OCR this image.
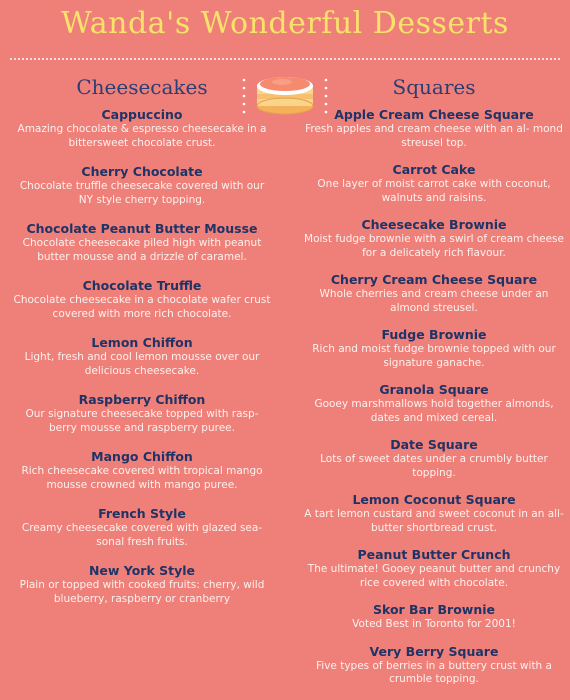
Wanda's Wonderful Desserts
Cheesecakes
Cappuccino
Amazing chocolate & espresso cheesecake in a bittersweet chocolate crust.
Cherry Chocolate
Chocolate truffle cheesecake covered with our NY style cherry topping.
Chocolate Peanut Butter Mousse
Chocolate cheesecake piled high with peanut butter mousse and a drizzle of caramel.
Chocolate Truffle
Chocolate cheesecake in a chocolate wafer crust covered with more rich chocolate.
Lemon Chiffon
Light, fresh and cool lemon mousse over our delicious cheesecake.
Raspberry Chiffon
Our signature cheesecake topped with rasp- berry mousse and raspberry puree.
Mango Chiffon
Rich cheesecake covered with tropical mango mousse crowned with mango puree.
French Style
Creamy cheesecake covered with glazed sea- sonal fresh fruits.
New York Style
Plain or topped with cooked fruits: cherry, wild blueberry, raspberry or cranberry
Squares
Apple Cream Cheese Square
Fresh apples and cream cheese with an al- mond streusel top.
Carrot Cake
One layer of moist carrot cake with coconut, walnuts and raisins.
Cheesecake Brownie
Moist fudge brownie with a swirl of cream cheese for a delicately rich flavour.
Cherry Cream Cheese Square
Whole cherries and cream cheese under an almond streusel.
Fudge Brownie
Rich and moist fudge brownie topped with our signature ganache.
Granola Square
Gooey marshmallows hold together almonds, dates and mixed cereal.
Date Square
Lots of sweet dates under a crumbly butter topping.
Lemon Coconut Square
A tart lemon custard and sweet coconut in an all-butter shortbread crust.
Peanut Butter Crunch
The ultimate! Gooey peanut butter and crunchy rice covered with chocolate.
Skor Bar Brownie
Voted Best in Toronto for 2001!
Very Berry Square
Five types of berries in a buttery crust with a crumble topping.
